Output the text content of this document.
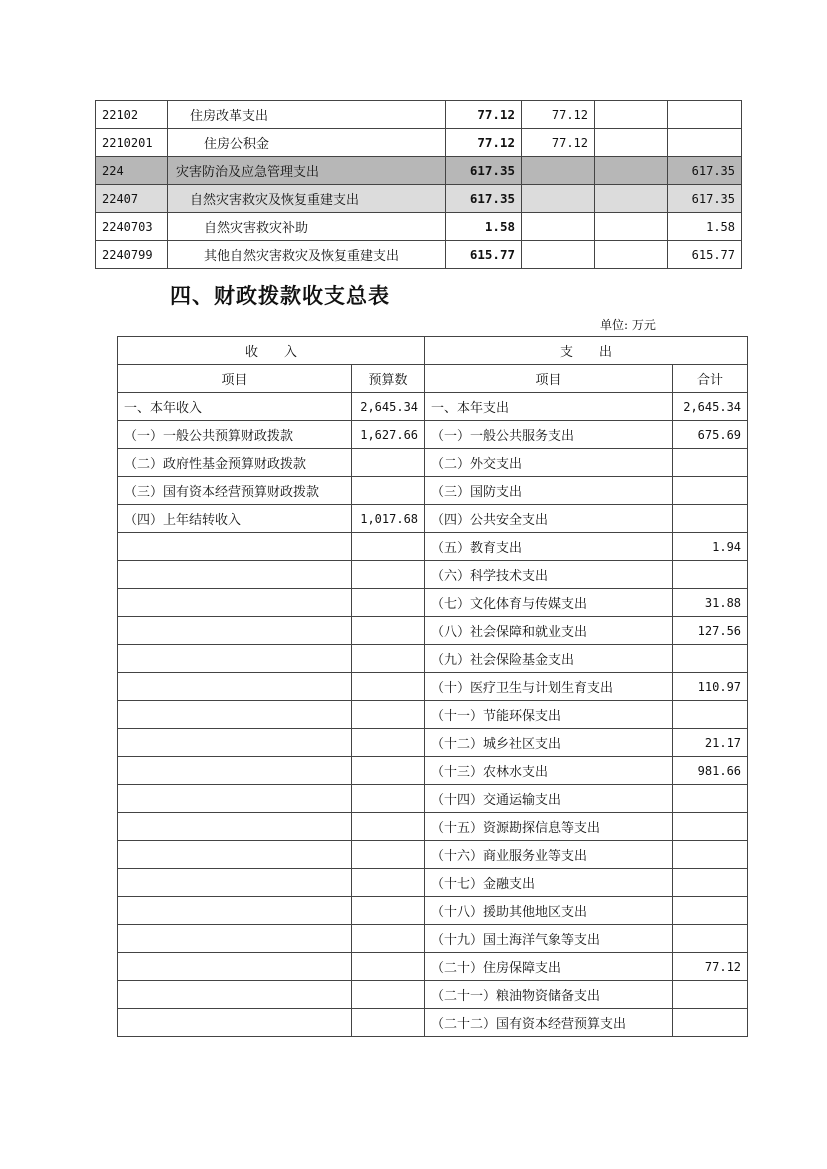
22102	住房改革支出	77.12	77.12		
2210201	住房公积金	77.12	77.12		
224	灾害防治及应急管理支出	617.35			617.35
22407	自然灾害救灾及恢复重建支出	617.35			617.35
2240703	自然灾害救灾补助	1.58			1.58
2240799	其他自然灾害救灾及恢复重建支出	615.77			615.77
四、财政拨款收支总表
单位: 万元
收　　入		支　　出	
项目	预算数	项目	合计
一、本年收入	2,645.34	一、本年支出	2,645.34
（一）一般公共预算财政拨款	1,627.66	（一）一般公共服务支出	675.69
（二）政府性基金预算财政拨款		（二）外交支出	
（三）国有资本经营预算财政拨款		（三）国防支出	
（四）上年结转收入	1,017.68	（四）公共安全支出	
		（五）教育支出	1.94
		（六）科学技术支出	
		（七）文化体育与传媒支出	31.88
		（八）社会保障和就业支出	127.56
		（九）社会保险基金支出	
		（十）医疗卫生与计划生育支出	110.97
		（十一）节能环保支出	
		（十二）城乡社区支出	21.17
		（十三）农林水支出	981.66
		（十四）交通运输支出	
		（十五）资源勘探信息等支出	
		（十六）商业服务业等支出	
		（十七）金融支出	
		（十八）援助其他地区支出	
		（十九）国土海洋气象等支出	
		（二十）住房保障支出	77.12
		（二十一）粮油物资储备支出	
		（二十二）国有资本经营预算支出	
